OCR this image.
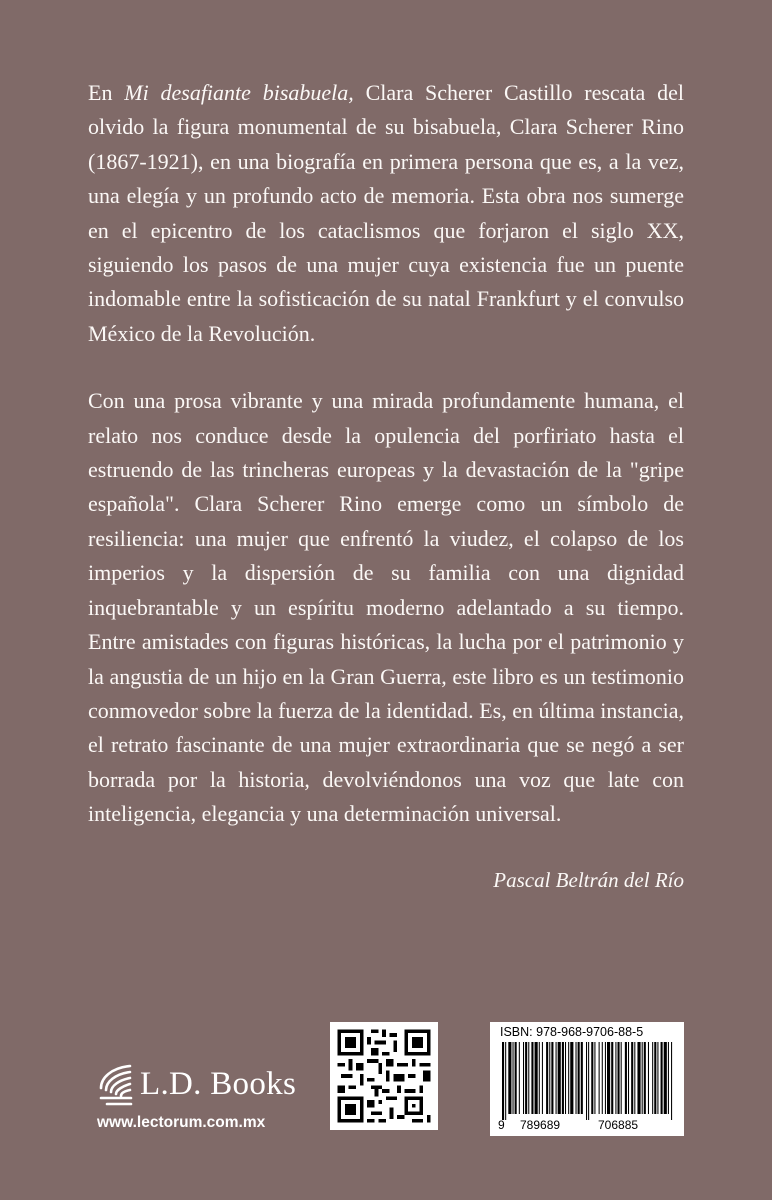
En Mi desafiante bisabuela, Clara Scherer Castillo rescata del olvido la figura monumental de su bisabuela, Clara Scherer Rino (1867-1921), en una biografía en primera persona que es, a la vez, una elegía y un profundo acto de memoria. Esta obra nos sumerge en el epicentro de los cataclismos que forjaron el siglo XX, siguiendo los pasos de una mujer cuya existencia fue un puente indomable entre la sofisticación de su natal Frankfurt y el convulso México de la Revolución.

Con una prosa vibrante y una mirada profundamente humana, el relato nos conduce desde la opulencia del porfiriato hasta el estruendo de las trincheras europeas y la devastación de la "gripe española". Clara Scherer Rino emerge como un símbolo de resiliencia: una mujer que enfrentó la viudez, el colapso de los imperios y la dispersión de su familia con una dignidad inquebrantable y un espíritu moderno adelantado a su tiempo. Entre amistades con figuras históricas, la lucha por el patrimonio y la angustia de un hijo en la Gran Guerra, este libro es un testimonio conmovedor sobre la fuerza de la identidad. Es, en última instancia, el retrato fascinante de una mujer extraordinaria que se negó a ser borrada por la historia, devolviéndonos una voz que late con inteligencia, elegancia y una determinación universal.

Pascal Beltrán del Río
L.D. Books
www.lectorum.com.mx
ISBN: 978-968-9706-88-5
9 789689	706885
